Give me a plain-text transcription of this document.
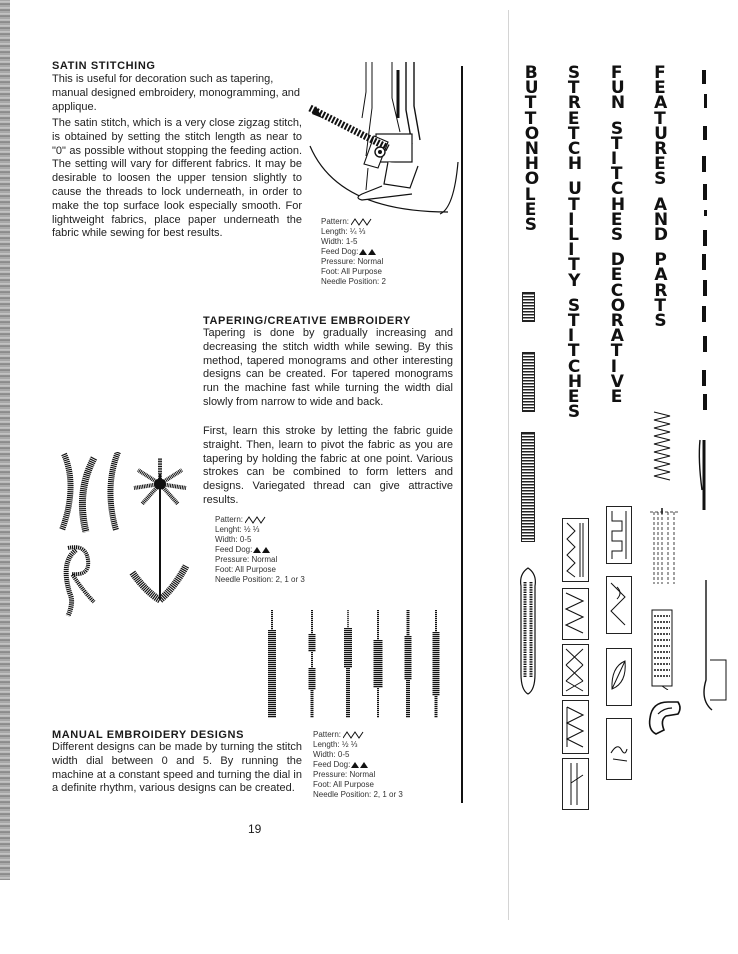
SATIN STITCHING

This is useful for decoration such as tapering, manual designed embroidery, monogramming, and applique.

The satin stitch, which is a very close zigzag stitch, is obtained by setting the stitch length as near to "0" as possible without stopping the feeding action. The setting will vary for different fabrics. It may be desirable to loosen the upper tension slightly to cause the threads to lock underneath, in order to make the top surface look especially smooth. For lightweight fabrics, place paper underneath the fabric while sewing for best results.

Pattern:
Length: ¼ ⅓
Width: 1-5
Feed Dog:
Pressure: Normal
Foot: All Purpose
Needle Position: 2
TAPERING/CREATIVE EMBROIDERY

Tapering is done by gradually increasing and decreasing the stitch width while sewing. By this method, tapered monograms and other interesting designs can be created. For tapered monograms run the machine fast while turning the width dial slowly from narrow to wide and back.

First, learn this stroke by letting the fabric guide straight. Then, learn to pivot the fabric as you are tapering by holding the fabric at one point. Various strokes can be combined to form letters and designs. Variegated thread can give attractive results.

Pattern:
Lenght: ½ ⅓
Width: 0-5
Feed Dog:
Pressure: Normal
Foot: All Purpose
Needle Position: 2, 1 or 3
MANUAL EMBROIDERY DESIGNS

Different designs can be made by turning the stitch width dial between 0 and 5. By running the machine at a constant speed and turning the dial in a definite rhythm, various designs can be created.

Pattern:
Length: ½ ⅓
Width: 0-5
Feed Dog:
Pressure: Normal
Foot: All Purpose
Needle Position: 2, 1 or 3
19
B
U
T
T
O
N
H
O
L
E
S
S
T
R
E
T
C
H
U
T
I
L
I
T
Y
S
T
I
T
C
H
E
S
F
U
N
S
T
I
T
C
H
E
S
D
E
C
O
R
A
T
I
V
E
F
E
A
T
U
R
E
S
A
N
D
P
A
R
T
S
